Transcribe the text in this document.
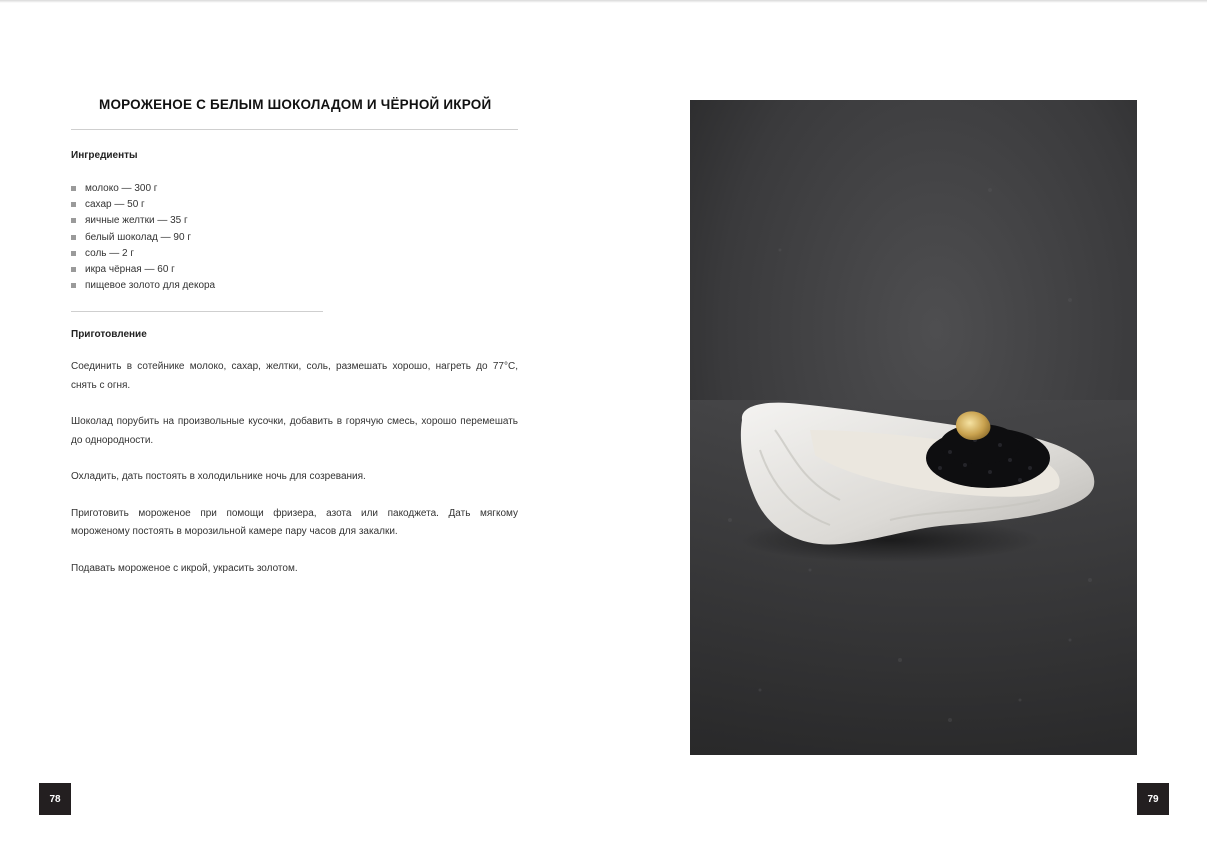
МОРОЖЕНОЕ С БЕЛЫМ ШОКОЛАДОМ И ЧЁРНОЙ ИКРОЙ
Ингредиенты
молоко — 300 г
сахар — 50 г
яичные желтки — 35 г
белый шоколад — 90 г
соль — 2 г
икра чёрная — 60 г
пищевое золото для декора
Приготовление

Соединить в сотейнике молоко, сахар, желтки, соль, размешать хорошо, нагреть до 77°C, снять с огня.

Шоколад порубить на произвольные кусочки, добавить в горячую смесь, хорошо перемешать до однородности.

Охладить, дать постоять в холодильнике ночь для созревания.

Приготовить мороженое при помощи фризера, азота или пакоджета. Дать мягкому мороженому постоять в морозильной камере пару часов для закалки.

Подавать мороженое с икрой, украсить золотом.

78	79
